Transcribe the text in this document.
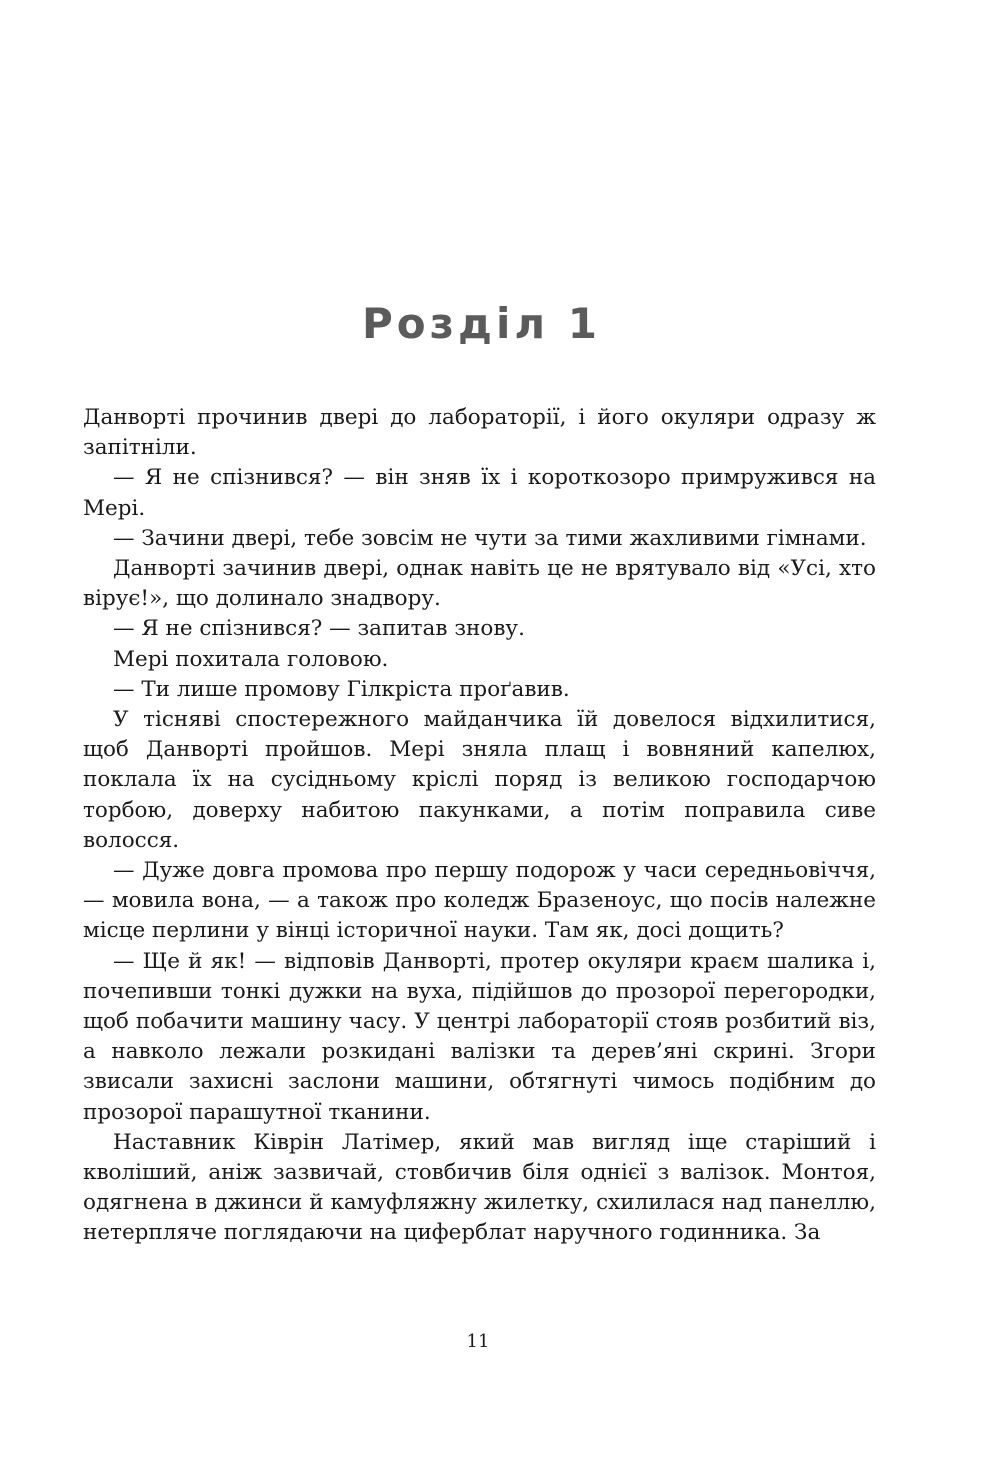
Розділ 1

Данворті прочинив двері до лабораторії, і його окуляри одразу ж запітніли.

— Я не спізнився? — він зняв їх і короткозоро примружився на Мері.

— Зачини двері, тебе зовсім не чути за тими жахливими гімнами.

Данворті зачинив двері, однак навіть це не врятувало від «Усі, хто вірує!», що долинало знадвору.

— Я не спізнився? — запитав знову.

Мері похитала головою.

— Ти лише промову Гілкріста проґавив.

У тісняві спостережного майданчика їй довелося відхилитися, щоб Данворті пройшов. Мері зняла плащ і вовняний капелюх, поклала їх на сусідньому кріслі поряд із великою господарчою торбою, доверху набитою пакунками, а потім поправила сиве волосся.

— Дуже довга промова про першу подорож у часи середньовіччя, — мовила вона, — а також про коледж Бразеноус, що посів належне місце перлини у вінці історичної науки. Там як, досі дощить?

— Ще й як! — відповів Данворті, протер окуляри краєм шалика і, почепивши тонкі дужки на вуха, підійшов до прозорої перегородки, щоб побачити машину часу. У центрі лабораторії стояв розбитий віз, а навколо лежали розкидані валізки та дерев’яні скрині. Згори звисали захисні заслони машини, обтягнуті чимось подібним до прозорої парашутної тканини.

Наставник Ківрін Латімер, який мав вигляд іще старіший і кволіший, аніж зазвичай, стовбичив біля однієї з валізок. Монтоя, одягнена в джинси й камуфляжну жилетку, схилилася над панеллю, нетерпляче поглядаючи на циферблат наручного годинника. За

11
